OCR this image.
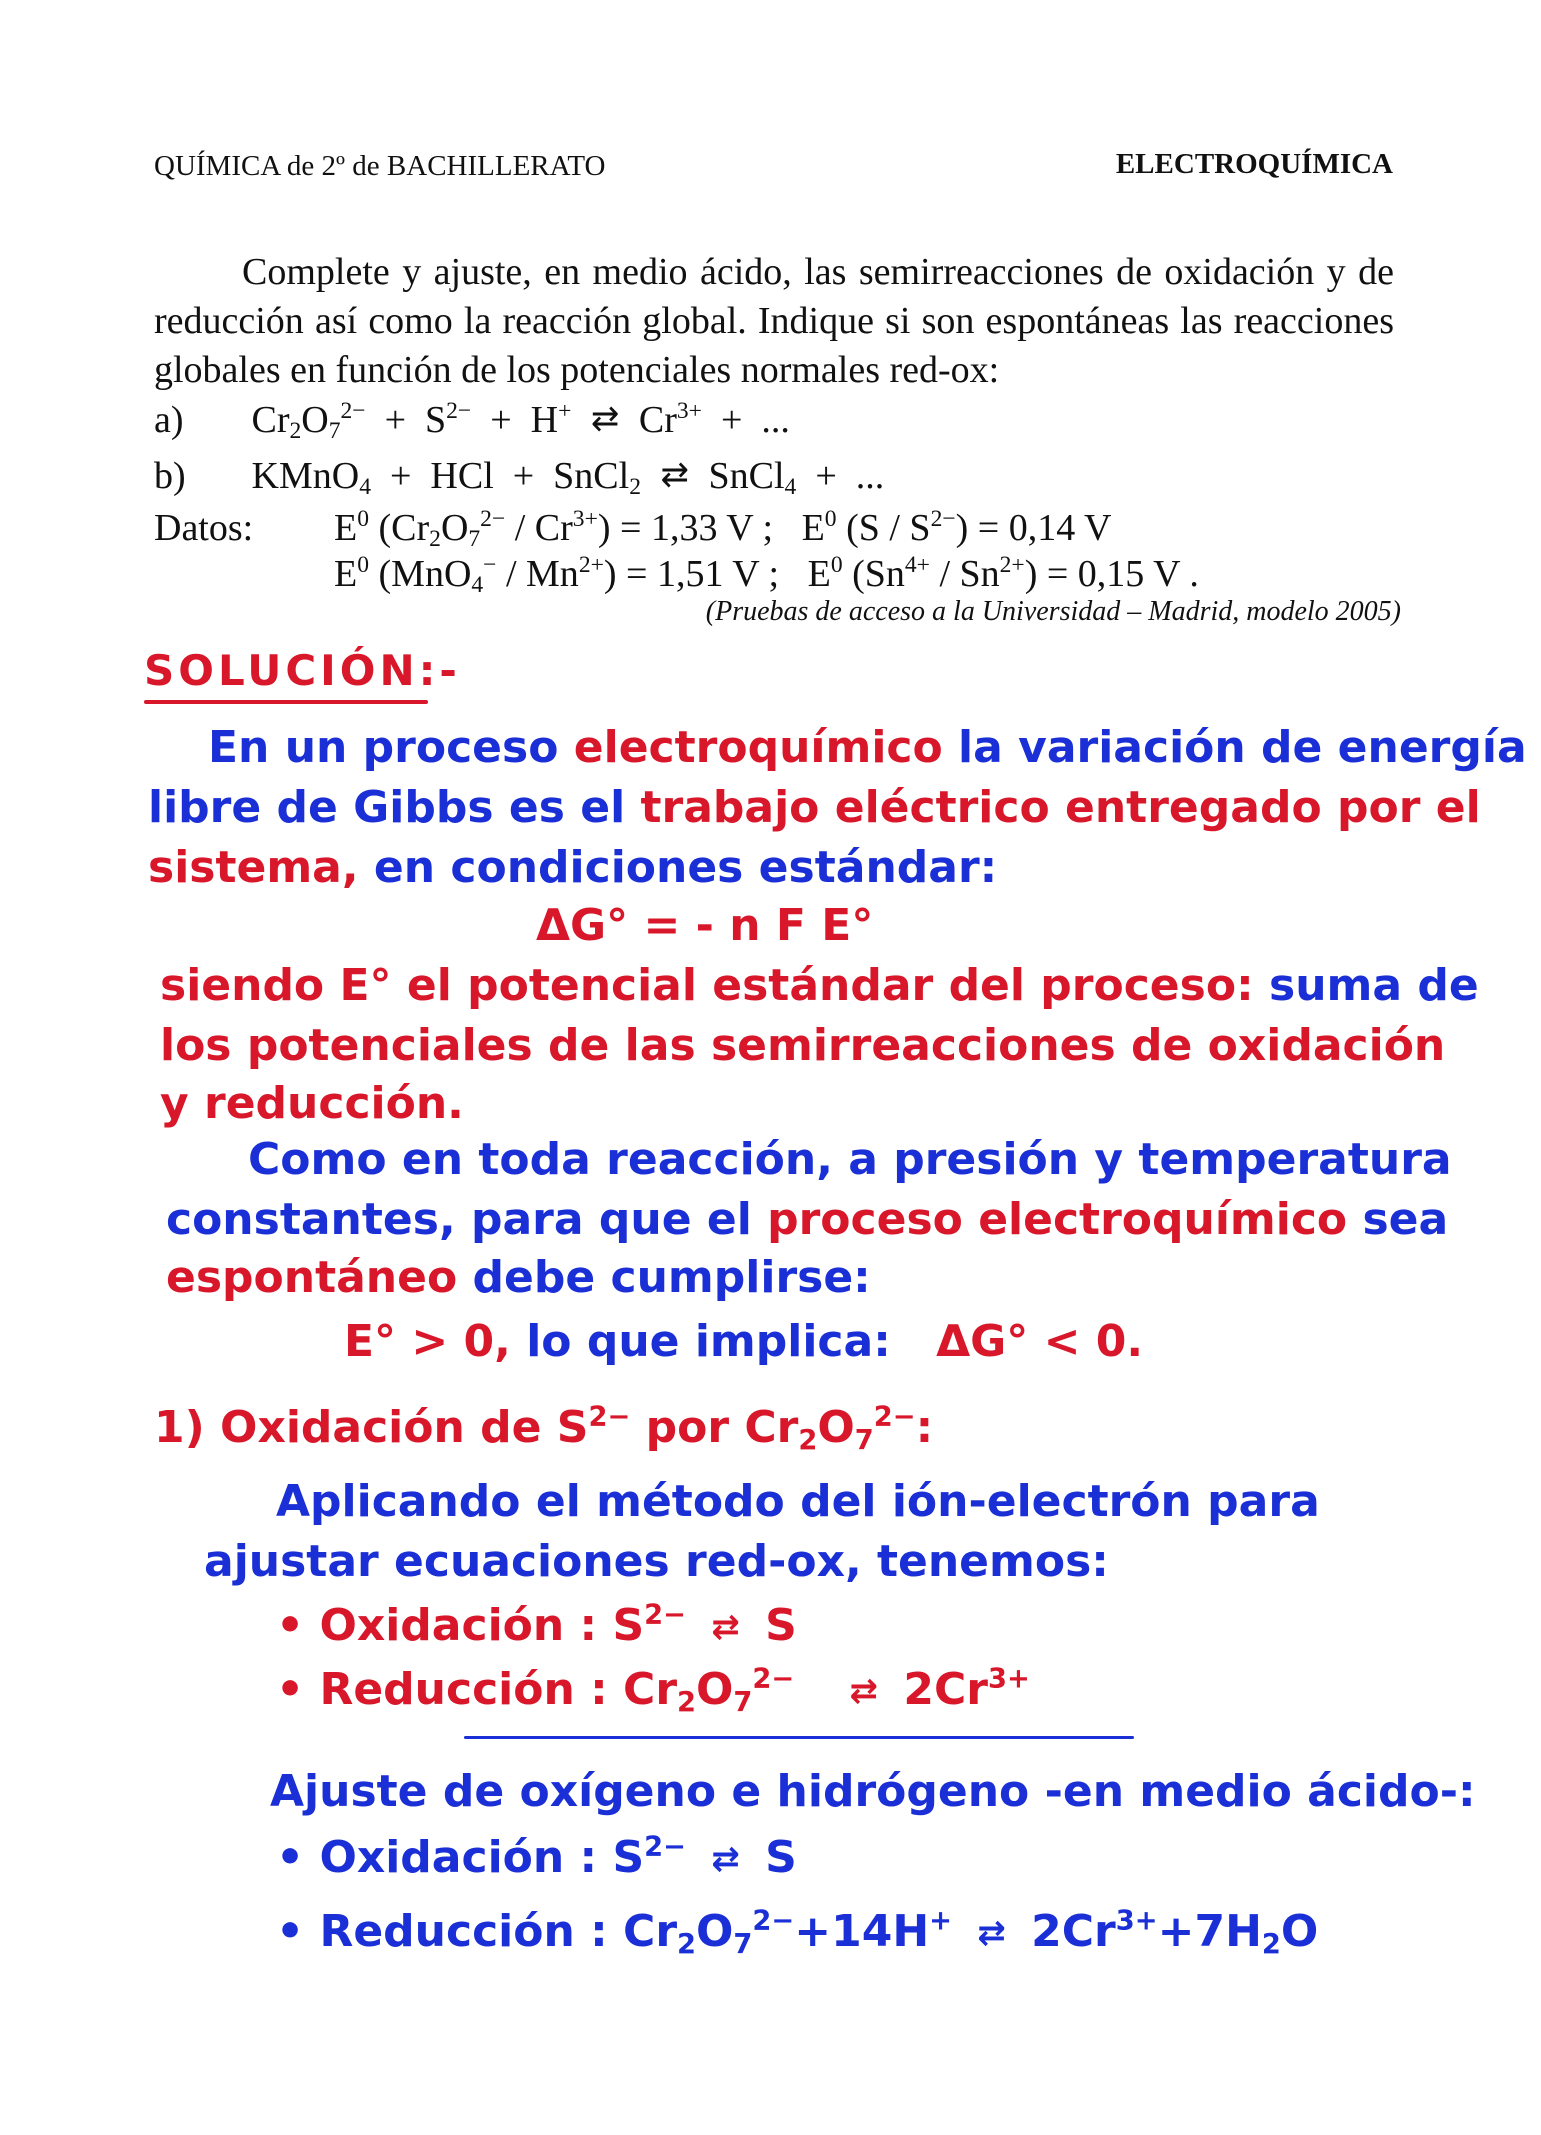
QUÍMICA de 2º de BACHILLERATO	ELECTROQUÍMICA
Complete y ajuste, en medio ácido, las semirreacciones de oxidación y de reducción así como la reacción global. Indique si son espontáneas las reacciones globales en función de los potenciales normales red-ox:
a) $Cr_2O_7^{2-} + S^{2-} + H^+$ ⇄ $Cr^{3+}$  +  ...
b) KMnO$_4$  +  HCl  +  SnCl$_2$ ⇄ SnCl$_4$  +  ...
Datos: $E^0$ $(Cr_2O_7^{2-} / Cr^{3+}) = 1,33$ V ;   $E^0$ $(S / S^{2-}) = 0,14$ V
$E^0$ $(MnO_4^- / Mn^{2+}) = 1,51$ V ;   $E^0$ $(Sn^{4+} / Sn^{2+}) = 0,15$ V .
(Pruebas de acceso a la Universidad – Madrid, modelo 2005)
SOLUCIÓN:-
En un proceso electroquímico la variación de energía
libre de Gibbs es el trabajo eléctrico entregado por el
sistema, en condiciones estándar:
ΔG° = - n F E°
siendo E° el potencial estándar del proceso: suma de
los potenciales de las semirreacciones de oxidación
y reducción.
Como en toda reacción, a presión y temperatura
constantes, para que el proceso electroquímico sea
espontáneo debe cumplirse:
E° > 0, lo que implica: ΔG° < 0.
1) Oxidación de $S^{2-}$ por $Cr_2O_7^{2-}$:
Aplicando el método del ión-electrón para
ajustar ecuaciones red-ox, tenemos:
• Oxidación : $S^{2-}$ ⇄ S
• Reducción : $Cr_2O_7^{2-}$ ⇄ $2Cr^{3+}$
Ajuste de oxígeno e hidrógeno -en medio ácido-:
• Oxidación : $S^{2-}$ ⇄ S
• Reducción : $Cr_2O_7^{2-}+14H^+$ ⇄ $2Cr^{3+}+7H_2O$
